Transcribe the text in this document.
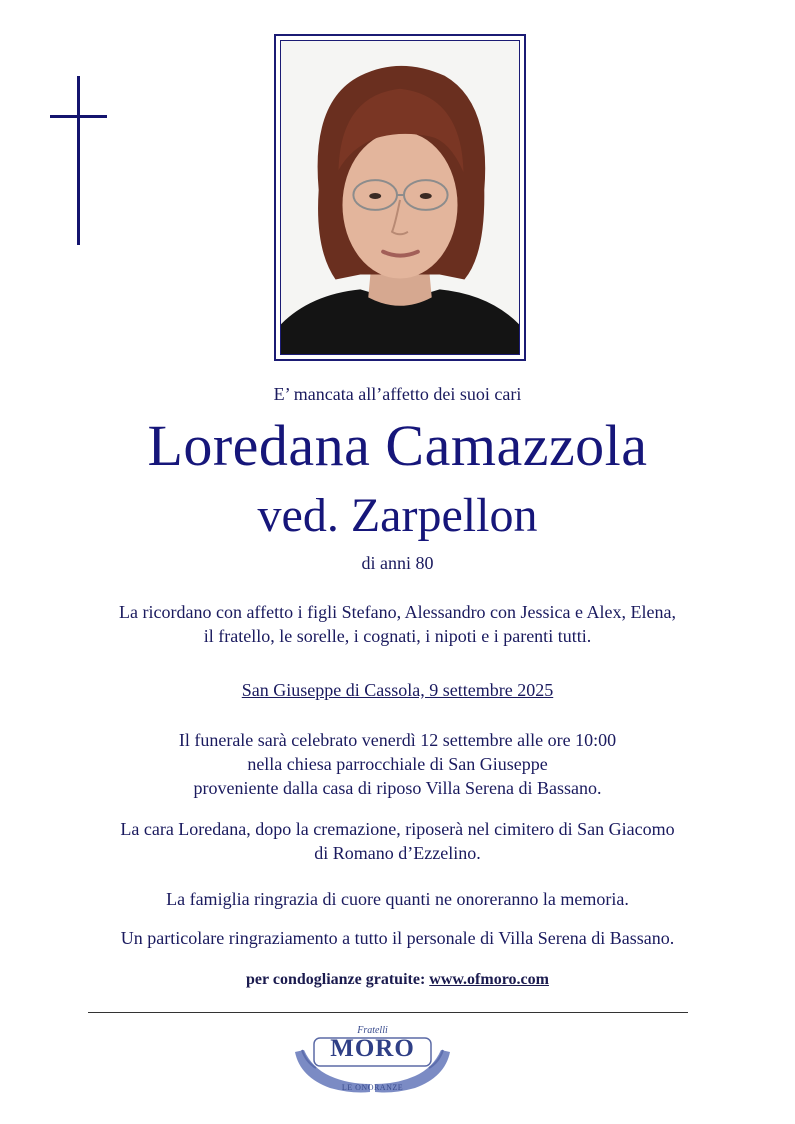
E’ mancata all’affetto dei suoi cari
Loredana Camazzola
ved. Zarpellon
di anni 80
La ricordano con affetto i figli Stefano, Alessandro con Jessica e Alex, Elena,
il fratello, le sorelle, i cognati, i nipoti e i parenti tutti.
San Giuseppe di Cassola, 9 settembre 2025
Il funerale sarà celebrato venerdì 12 settembre alle ore 10:00
nella chiesa parrocchiale di San Giuseppe
proveniente dalla casa di riposo Villa Serena di Bassano.
La cara Loredana, dopo la cremazione, riposerà nel cimitero di San Giacomo
di Romano d’Ezzelino.
La famiglia ringrazia di cuore quanti ne onoreranno la memoria.
Un particolare ringraziamento a tutto il personale di Villa Serena di Bassano.
per condoglianze gratuite: www.ofmoro.com
Fratelli
MORO
LE ONORANZE
